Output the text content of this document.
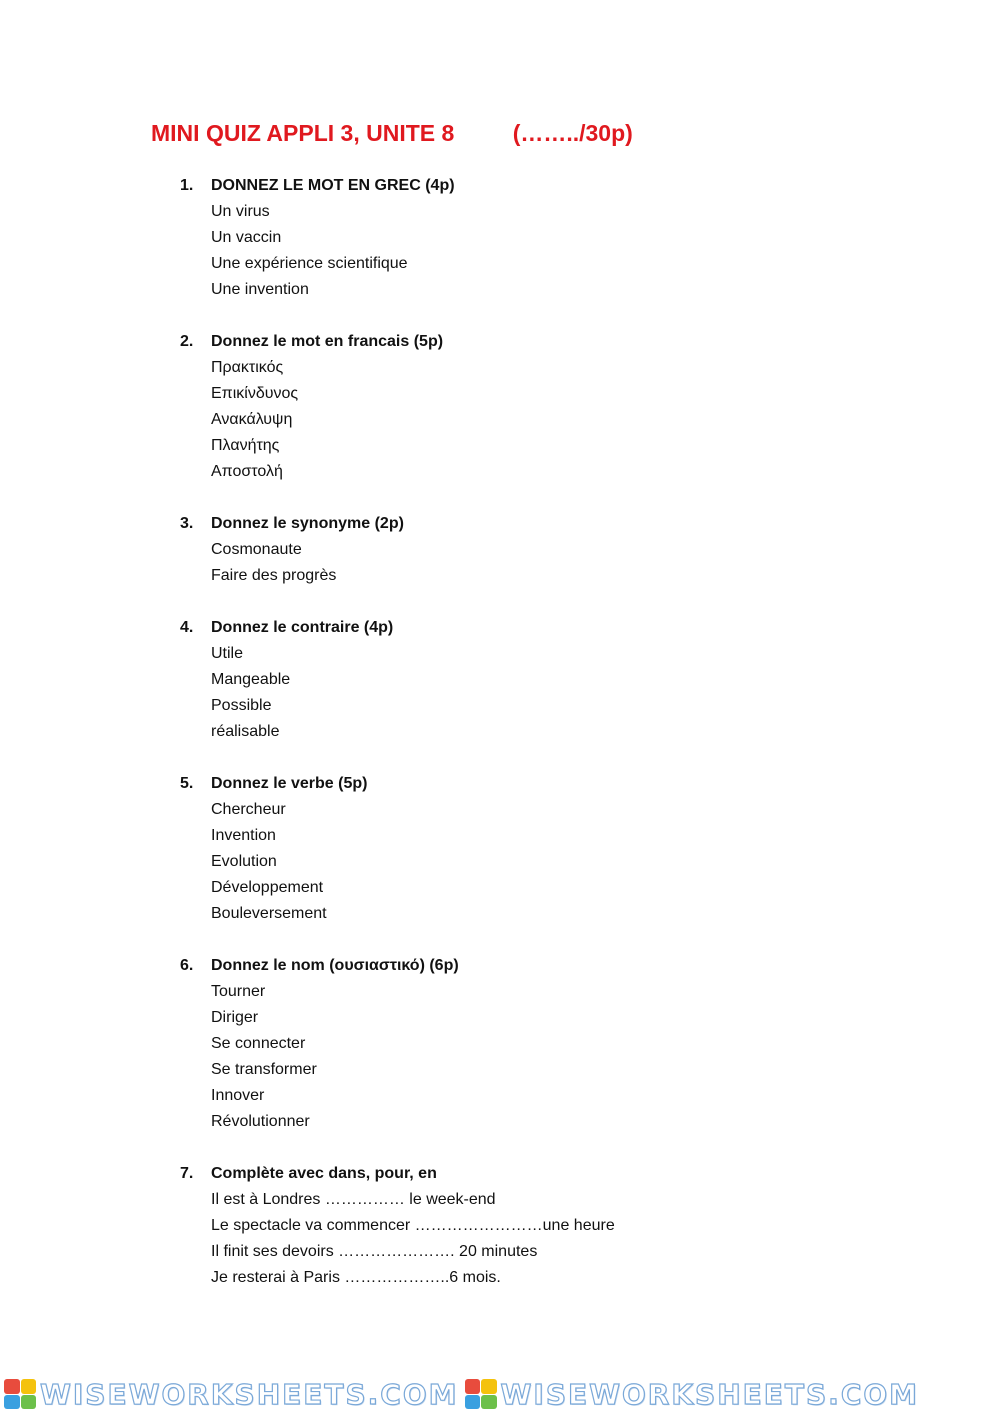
MINI QUIZ APPLI 3, UNITE 8	(……../30p)
1.	DONNEZ LE MOT EN GREC (4p)
Un virus
Un vaccin
Une expérience scientifique
Une invention
2.	Donnez le mot en francais (5p)
Πρακτικός
Επικίνδυνος
Ανακάλυψη
Πλανήτης
Αποστολή
3.	Donnez le synonyme (2p)
Cosmonaute
Faire des progrès
4.	Donnez le contraire (4p)
Utile
Mangeable
Possible
réalisable
5.	Donnez le verbe (5p)
Chercheur
Invention
Evolution
Développement
Bouleversement
6.	Donnez le nom (ουσιαστικό) (6p)
Tourner
Diriger
Se connecter
Se transformer
Innover
Révolutionner
7.	Complète avec dans, pour, en
Il est à Londres …………… le week-end
Le spectacle va commencer ……………………une heure
Il finit ses devoirs …………………. 20 minutes
Je resterai à Paris ………………..6 mois.
WISEWORKSHEETS.COM WISEWORKSHEETS.COM
